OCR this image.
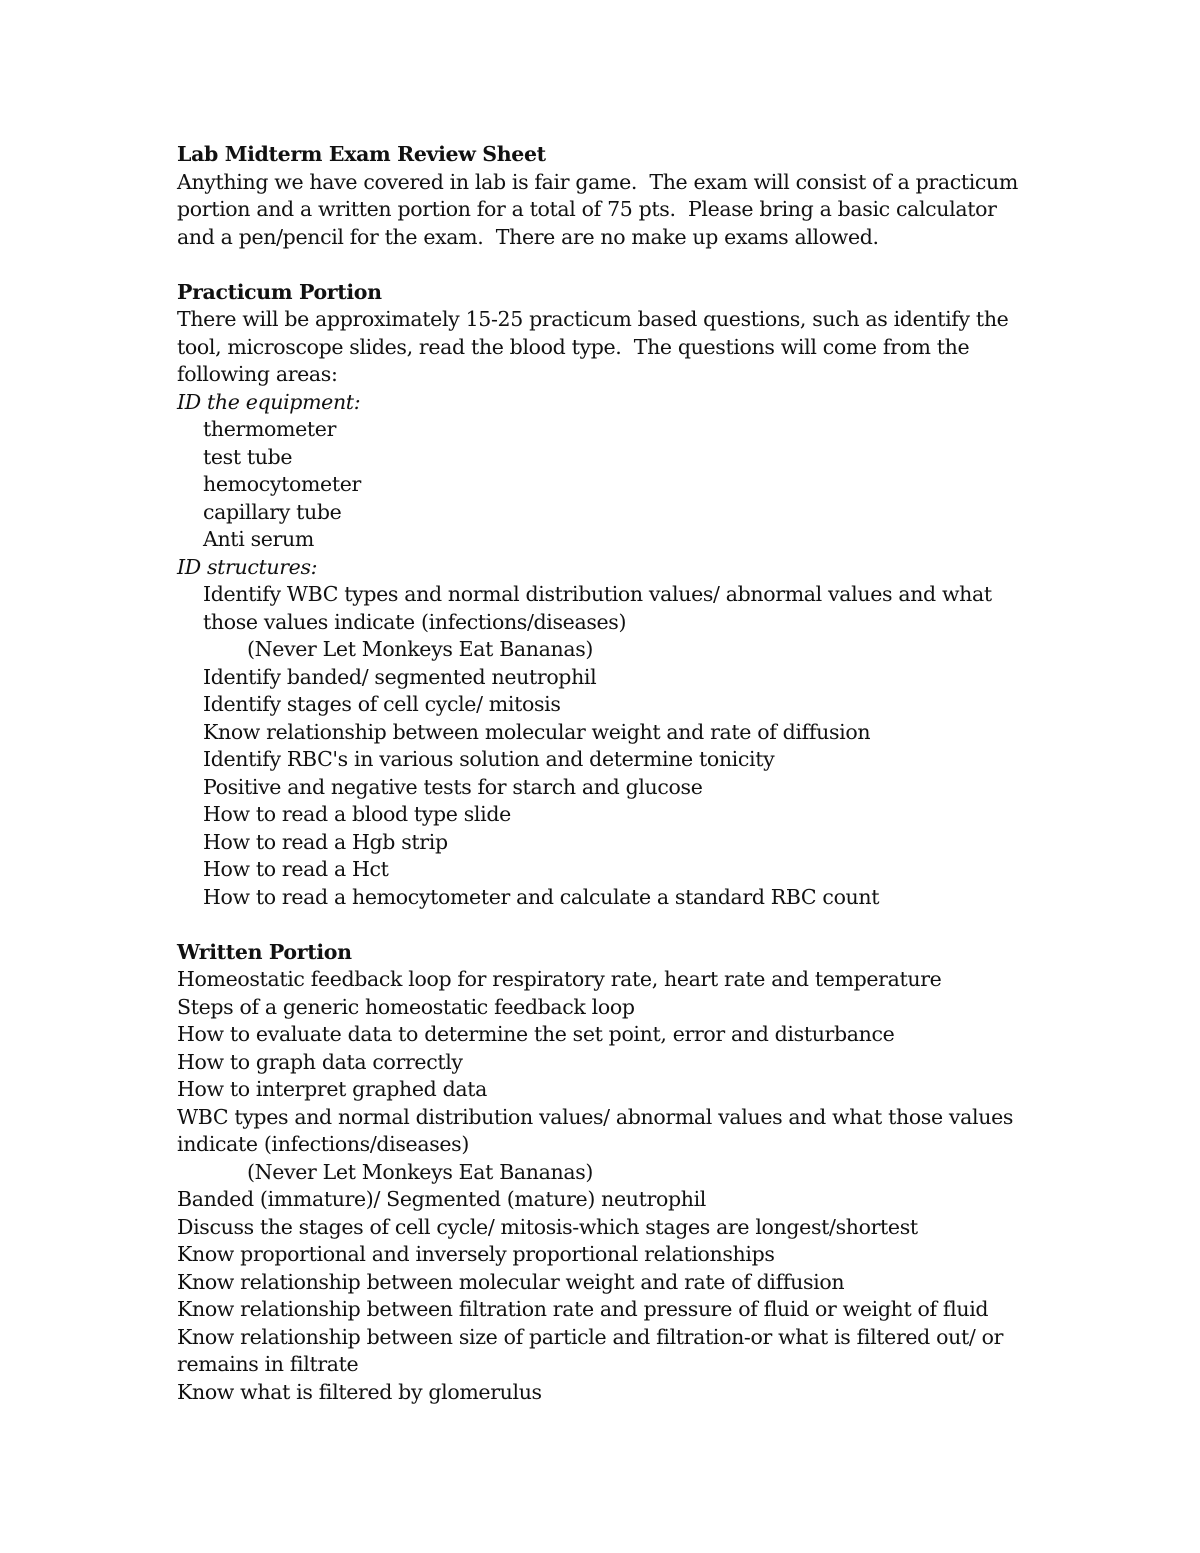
Lab Midterm Exam Review Sheet

Anything we have covered in lab is fair game.  The exam will consist of a practicum

portion and a written portion for a total of 75 pts.  Please bring a basic calculator

and a pen/pencil for the exam.  There are no make up exams allowed.

Practicum Portion

There will be approximately 15-25 practicum based questions, such as identify the

tool, microscope slides, read the blood type.  The questions will come from the

following areas:

ID the equipment:

thermometer

test tube

hemocytometer

capillary tube

Anti serum

ID structures:

Identify WBC types and normal distribution values/ abnormal values and what

those values indicate (infections/diseases)

(Never Let Monkeys Eat Bananas)

Identify banded/ segmented neutrophil

Identify stages of cell cycle/ mitosis

Know relationship between molecular weight and rate of diffusion

Identify RBC's in various solution and determine tonicity

Positive and negative tests for starch and glucose

How to read a blood type slide

How to read a Hgb strip

How to read a Hct

How to read a hemocytometer and calculate a standard RBC count

Written Portion

Homeostatic feedback loop for respiratory rate, heart rate and temperature

Steps of a generic homeostatic feedback loop

How to evaluate data to determine the set point, error and disturbance

How to graph data correctly

How to interpret graphed data

WBC types and normal distribution values/ abnormal values and what those values

indicate (infections/diseases)

(Never Let Monkeys Eat Bananas)

Banded (immature)/ Segmented (mature) neutrophil

Discuss the stages of cell cycle/ mitosis-which stages are longest/shortest

Know proportional and inversely proportional relationships

Know relationship between molecular weight and rate of diffusion

Know relationship between filtration rate and pressure of fluid or weight of fluid

Know relationship between size of particle and filtration-or what is filtered out/ or

remains in filtrate

Know what is filtered by glomerulus
